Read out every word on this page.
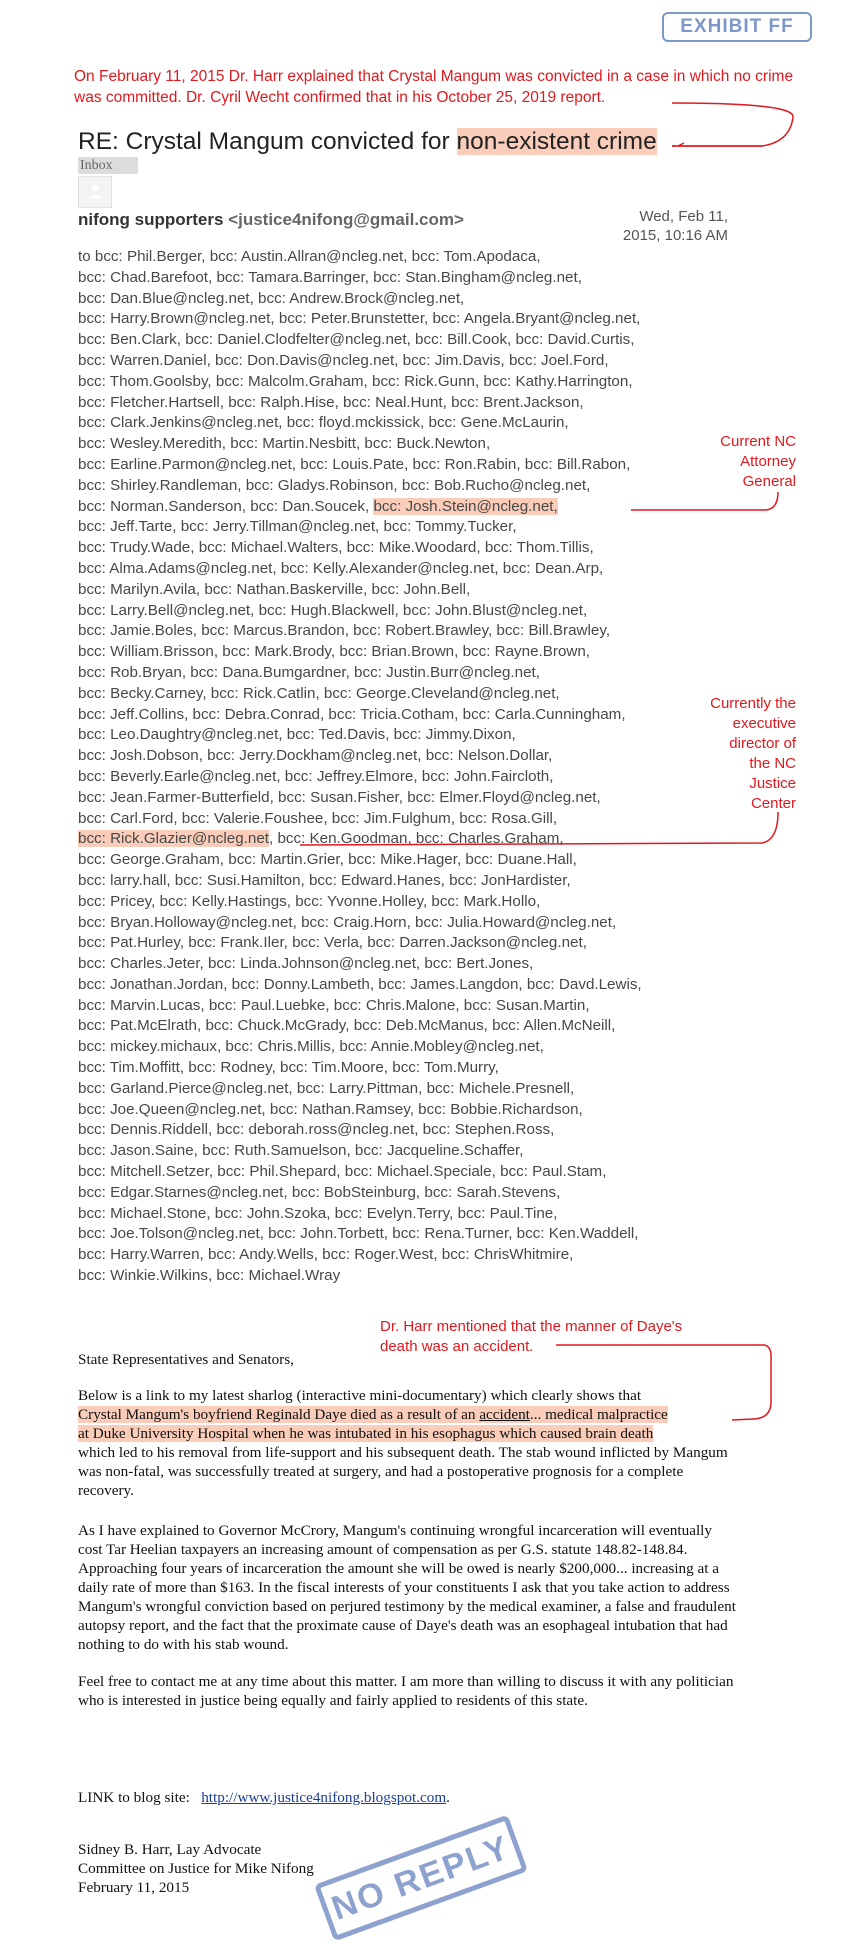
EXHIBIT FF
On February 11, 2015 Dr. Harr explained that Crystal Mangum was convicted in a case in which no crime was committed. Dr. Cyril Wecht confirmed that in his October 25, 2019 report.
RE: Crystal Mangum convicted for non-existent crime
Inbox
nifong supporters <justice4nifong@gmail.com>	Wed, Feb 11,
2015, 10:16 AM
to bcc: Phil.Berger, bcc: Austin.Allran@ncleg.net, bcc: Tom.Apodaca,
bcc: Chad.Barefoot, bcc: Tamara.Barringer, bcc: Stan.Bingham@ncleg.net,
bcc: Dan.Blue@ncleg.net, bcc: Andrew.Brock@ncleg.net,
bcc: Harry.Brown@ncleg.net, bcc: Peter.Brunstetter, bcc: Angela.Bryant@ncleg.net,
bcc: Ben.Clark, bcc: Daniel.Clodfelter@ncleg.net, bcc: Bill.Cook, bcc: David.Curtis,
bcc: Warren.Daniel, bcc: Don.Davis@ncleg.net, bcc: Jim.Davis, bcc: Joel.Ford,
bcc: Thom.Goolsby, bcc: Malcolm.Graham, bcc: Rick.Gunn, bcc: Kathy.Harrington,
bcc: Fletcher.Hartsell, bcc: Ralph.Hise, bcc: Neal.Hunt, bcc: Brent.Jackson,
bcc: Clark.Jenkins@ncleg.net, bcc: floyd.mckissick, bcc: Gene.McLaurin,
bcc: Wesley.Meredith, bcc: Martin.Nesbitt, bcc: Buck.Newton,
bcc: Earline.Parmon@ncleg.net, bcc: Louis.Pate, bcc: Ron.Rabin, bcc: Bill.Rabon,
bcc: Shirley.Randleman, bcc: Gladys.Robinson, bcc: Bob.Rucho@ncleg.net,
bcc: Norman.Sanderson, bcc: Dan.Soucek, bcc: Josh.Stein@ncleg.net,
bcc: Jeff.Tarte, bcc: Jerry.Tillman@ncleg.net, bcc: Tommy.Tucker,
bcc: Trudy.Wade, bcc: Michael.Walters, bcc: Mike.Woodard, bcc: Thom.Tillis,
bcc: Alma.Adams@ncleg.net, bcc: Kelly.Alexander@ncleg.net, bcc: Dean.Arp,
bcc: Marilyn.Avila, bcc: Nathan.Baskerville, bcc: John.Bell,
bcc: Larry.Bell@ncleg.net, bcc: Hugh.Blackwell, bcc: John.Blust@ncleg.net,
bcc: Jamie.Boles, bcc: Marcus.Brandon, bcc: Robert.Brawley, bcc: Bill.Brawley,
bcc: William.Brisson, bcc: Mark.Brody, bcc: Brian.Brown, bcc: Rayne.Brown,
bcc: Rob.Bryan, bcc: Dana.Bumgardner, bcc: Justin.Burr@ncleg.net,
bcc: Becky.Carney, bcc: Rick.Catlin, bcc: George.Cleveland@ncleg.net,
bcc: Jeff.Collins, bcc: Debra.Conrad, bcc: Tricia.Cotham, bcc: Carla.Cunningham,
bcc: Leo.Daughtry@ncleg.net, bcc: Ted.Davis, bcc: Jimmy.Dixon,
bcc: Josh.Dobson, bcc: Jerry.Dockham@ncleg.net, bcc: Nelson.Dollar,
bcc: Beverly.Earle@ncleg.net, bcc: Jeffrey.Elmore, bcc: John.Faircloth,
bcc: Jean.Farmer-Butterfield, bcc: Susan.Fisher, bcc: Elmer.Floyd@ncleg.net,
bcc: Carl.Ford, bcc: Valerie.Foushee, bcc: Jim.Fulghum, bcc: Rosa.Gill,
bcc: Rick.Glazier@ncleg.net, bcc: Ken.Goodman, bcc: Charles.Graham,
bcc: George.Graham, bcc: Martin.Grier, bcc: Mike.Hager, bcc: Duane.Hall,
bcc: larry.hall, bcc: Susi.Hamilton, bcc: Edward.Hanes, bcc: JonHardister,
bcc: Pricey, bcc: Kelly.Hastings, bcc: Yvonne.Holley, bcc: Mark.Hollo,
bcc: Bryan.Holloway@ncleg.net, bcc: Craig.Horn, bcc: Julia.Howard@ncleg.net,
bcc: Pat.Hurley, bcc: Frank.Iler, bcc: Verla, bcc: Darren.Jackson@ncleg.net,
bcc: Charles.Jeter, bcc: Linda.Johnson@ncleg.net, bcc: Bert.Jones,
bcc: Jonathan.Jordan, bcc: Donny.Lambeth, bcc: James.Langdon, bcc: Davd.Lewis,
bcc: Marvin.Lucas, bcc: Paul.Luebke, bcc: Chris.Malone, bcc: Susan.Martin,
bcc: Pat.McElrath, bcc: Chuck.McGrady, bcc: Deb.McManus, bcc: Allen.McNeill,
bcc: mickey.michaux, bcc: Chris.Millis, bcc: Annie.Mobley@ncleg.net,
bcc: Tim.Moffitt, bcc: Rodney, bcc: Tim.Moore, bcc: Tom.Murry,
bcc: Garland.Pierce@ncleg.net, bcc: Larry.Pittman, bcc: Michele.Presnell,
bcc: Joe.Queen@ncleg.net, bcc: Nathan.Ramsey, bcc: Bobbie.Richardson,
bcc: Dennis.Riddell, bcc: deborah.ross@ncleg.net, bcc: Stephen.Ross,
bcc: Jason.Saine, bcc: Ruth.Samuelson, bcc: Jacqueline.Schaffer,
bcc: Mitchell.Setzer, bcc: Phil.Shepard, bcc: Michael.Speciale, bcc: Paul.Stam,
bcc: Edgar.Starnes@ncleg.net, bcc: BobSteinburg, bcc: Sarah.Stevens,
bcc: Michael.Stone, bcc: John.Szoka, bcc: Evelyn.Terry, bcc: Paul.Tine,
bcc: Joe.Tolson@ncleg.net, bcc: John.Torbett, bcc: Rena.Turner, bcc: Ken.Waddell,
bcc: Harry.Warren, bcc: Andy.Wells, bcc: Roger.West, bcc: ChrisWhitmire,
bcc: Winkie.Wilkins, bcc: Michael.Wray
Current NC
Attorney
General
Currently the
executive
director of
the NC
Justice
Center
Dr. Harr mentioned that the manner of Daye's
death was an accident.
State Representatives and Senators,
Below is a link to my latest sharlog (interactive mini-documentary) which clearly shows that
Crystal Mangum's boyfriend Reginald Daye died as a result of an accident... medical malpractice
at Duke University Hospital when he was intubated in his esophagus which caused brain death

which led to his removal from life-support and his subsequent death. The stab wound inflicted by Mangum was non-fatal, was successfully treated at surgery, and had a postoperative prognosis for a complete recovery.

As I have explained to Governor McCrory, Mangum's continuing wrongful incarceration will eventually cost Tar Heelian taxpayers an increasing amount of compensation as per G.S. statute 148.82-148.84. Approaching four years of incarceration the amount she will be owed is nearly $200,000... increasing at a daily rate of more than $163. In the fiscal interests of your constituents I ask that you take action to address Mangum's wrongful conviction based on perjured testimony by the medical examiner, a false and fraudulent autopsy report, and the fact that the proximate cause of Daye's death was an esophageal intubation that had nothing to do with his stab wound.

Feel free to contact me at any time about this matter. I am more than willing to discuss it with any politician who is interested in justice being equally and fairly applied to residents of this state.

LINK to blog site: http://www.justice4nifong.blogspot.com.
Sidney B. Harr, Lay Advocate
Committee on Justice for Mike Nifong
February 11, 2015	NO REPLY
